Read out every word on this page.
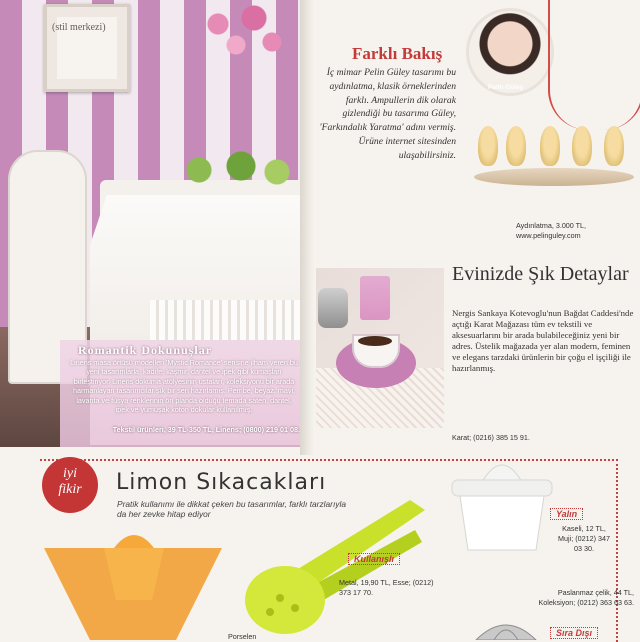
(stil merkezi)
Romantik Dokunuşlar
Linens masa örtüsü modelleri 'Mystic Romance' serisine ilham veren bu yeni tasarımlarla, kadife, kaşmir, dantel ve ipek gibi kumaşları birleştiriyor. Linens dokuma atölyesinin ustaları, koleksiyonu bir arada harmanlayan tasarımcılar şık bir seri hazırlamış. Pembe, beyaz, mavi, lavanta ve füsya renklerinin ön planda olduğu temada saten, dantel, ipek ve yumuşak koton dokular kullanılmış.
Tekstil ürünleri, 39 TL-350 TL, Linens; (0800) 219 01 08.
Farklı Bakış
İç mimar Pelin Güley tasarımı bu aydınlatma, klasik örneklerinden farklı. Ampullerin dik olarak gizlendiği bu tasarıma Güley, 'Farkındalık Yaratma' adını vermiş. Ürüne internet sitesinden ulaşabilirsiniz.
Pelin Güley
Aydınlatma, 3.000 TL,
www.pelinguley.com
Evinizde Şık Detaylar
Nergis Sankaya Kotevoglu'nun Bağdat Caddesi'nde açtığı Karat Mağazası tüm ev tekstili ve aksesuarlarını bir arada bulabileceğiniz yeni bir adres. Üstelik mağazada yer alan modern, feminen ve elegans tarzdaki ürünlerin bir çoğu el işçiliği ile hazırlanmış.
Karat; (0216) 385 15 91.
iyi
fikir	Limon Sıkacakları
Pratik kullanımı ile dikkat çeken bu tasarımlar, farklı tarzlarıyla da her zevke hitap ediyor
Kullanışlı
Metal, 19,90 TL, Esse; (0212) 373 17 70.
Yalın
Kaseli, 12 TL, Muji; (0212) 347 03 30.
Paslanmaz çelik, 44 TL, Koleksiyon; (0212) 363 63 63.
Sıra Dışı
Porselen
